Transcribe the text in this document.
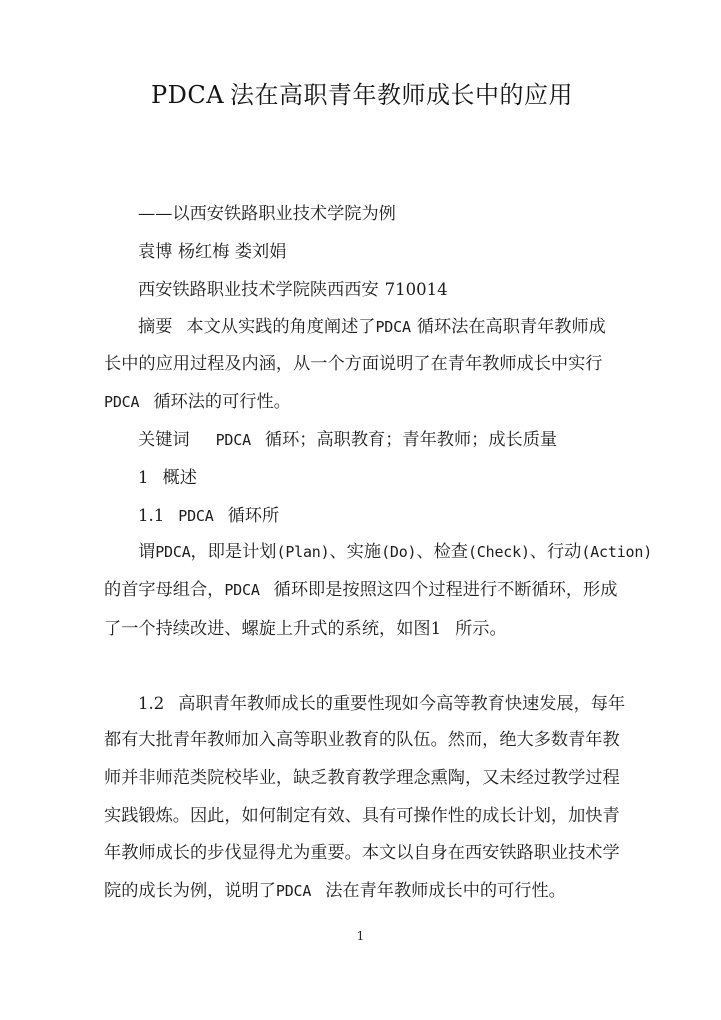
PDCA 法在高职青年教师成长中的应用
——以西安铁路职业技术学院为例
袁博 杨红梅 娄刘娟
西安铁路职业技术学院陕西西安 710014
摘要 本文从实践的角度阐述了PDCA 循环法在高职青年教师成
长中的应用过程及内涵，从一个方面说明了在青年教师成长中实行
PDCA 循环法的可行性。
关键词 PDCA 循环；高职教育；青年教师；成长质量
1 概述
1.1 PDCA 循环所
谓PDCA，即是计划(Plan)、实施(Do)、检查(Check)、行动(Action)
的首字母组合，PDCA 循环即是按照这四个过程进行不断循环，形成
了一个持续改进、螺旋上升式的系统，如图1 所示。
1.2 高职青年教师成长的重要性现如今高等教育快速发展，每年
都有大批青年教师加入高等职业教育的队伍。然而，绝大多数青年教
师并非师范类院校毕业，缺乏教育教学理念熏陶，又未经过教学过程
实践锻炼。因此，如何制定有效、具有可操作性的成长计划，加快青
年教师成长的步伐显得尤为重要。本文以自身在西安铁路职业技术学
院的成长为例，说明了PDCA 法在青年教师成长中的可行性。
1
